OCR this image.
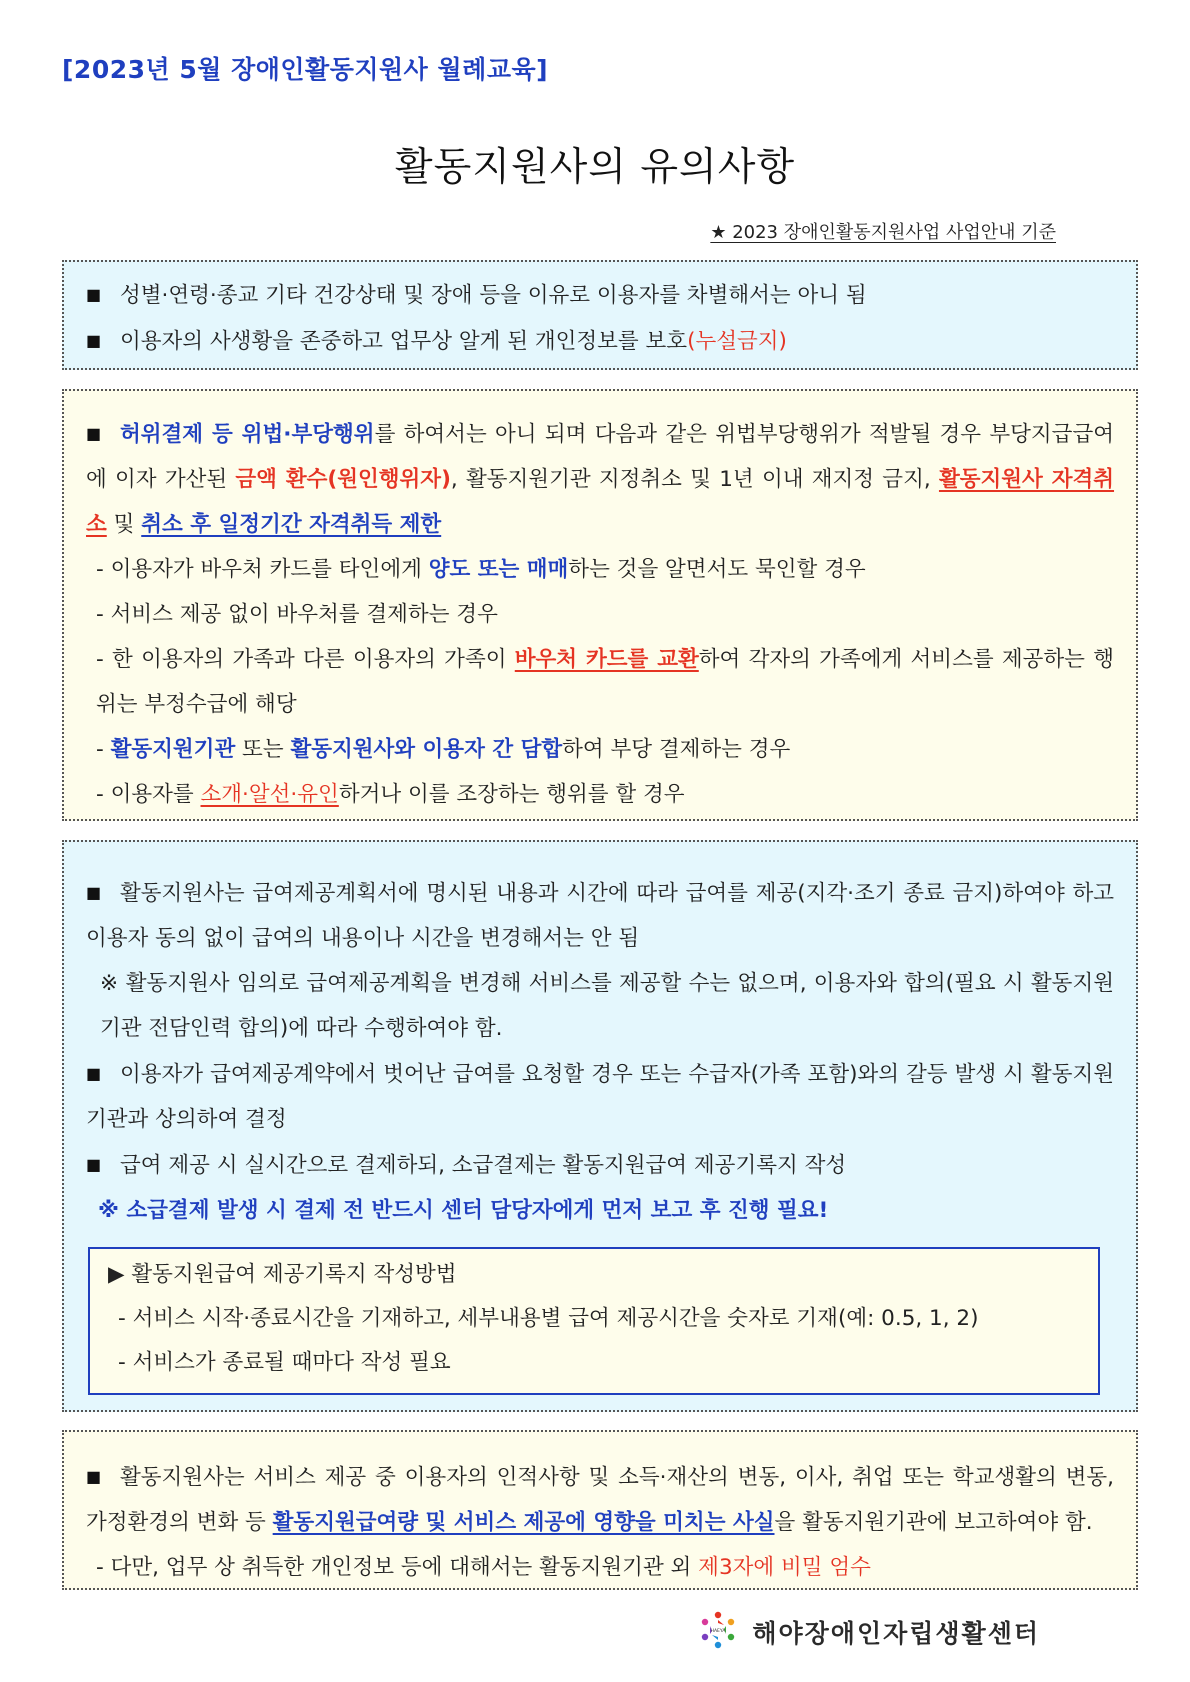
[2023년 5월 장애인활동지원사 월례교육]
활동지원사의 유의사항
★ 2023 장애인활동지원사업 사업안내 기준

■ 성별·연령·종교 기타 건강상태 및 장애 등을 이유로 이용자를 차별해서는 아니 됨

■ 이용자의 사생황을 존중하고 업무상 알게 된 개인정보를 보호(누설금지)

■ 허위결제 등 위법·부당행위를 하여서는 아니 되며 다음과 같은 위법부당행위가 적발될 경우 부당지급급여에 이자 가산된 금액 환수(원인행위자), 활동지원기관 지정취소 및 1년 이내 재지정 금지, 활동지원사 자격취소 및 취소 후 일정기간 자격취득 제한

- 이용자가 바우처 카드를 타인에게 양도 또는 매매하는 것을 알면서도 묵인할 경우

- 서비스 제공 없이 바우처를 결제하는 경우

- 한 이용자의 가족과 다른 이용자의 가족이 바우처 카드를 교환하여 각자의 가족에게 서비스를 제공하는 행위는 부정수급에 해당

- 활동지원기관 또는 활동지원사와 이용자 간 담합하여 부당 결제하는 경우

- 이용자를 소개·알선·유인하거나 이를 조장하는 행위를 할 경우

■ 활동지원사는 급여제공계획서에 명시된 내용과 시간에 따라 급여를 제공(지각·조기 종료 금지)하여야 하고 이용자 동의 없이 급여의 내용이나 시간을 변경해서는 안 됨

※ 활동지원사 임의로 급여제공계획을 변경해 서비스를 제공할 수는 없으며, 이용자와 합의(필요 시 활동지원기관 전담인력 합의)에 따라 수행하여야 함.

■ 이용자가 급여제공계약에서 벗어난 급여를 요청할 경우 또는 수급자(가족 포함)와의 갈등 발생 시 활동지원기관과 상의하여 결정

■ 급여 제공 시 실시간으로 결제하되, 소급결제는 활동지원급여 제공기록지 작성

※ 소급결제 발생 시 결제 전 반드시 센터 담당자에게 먼저 보고 후 진행 필요!

▶ 활동지원급여 제공기록지 작성방법

- 서비스 시작·종료시간을 기재하고, 세부내용별 급여 제공시간을 숫자로 기재(예: 0.5, 1, 2)

- 서비스가 종료될 때마다 작성 필요

■ 활동지원사는 서비스 제공 중 이용자의 인적사항 및 소득·재산의 변동, 이사, 취업 또는 학교생활의 변동, 가정환경의 변화 등 활동지원급여량 및 서비스 제공에 영향을 미치는 사실을 활동지원기관에 보고하여야 함.

- 다만, 업무 상 취득한 개인정보 등에 대해서는 활동지원기관 외 제3자에 비밀 엄수

HAEYA 해야장애인자립생활센터
